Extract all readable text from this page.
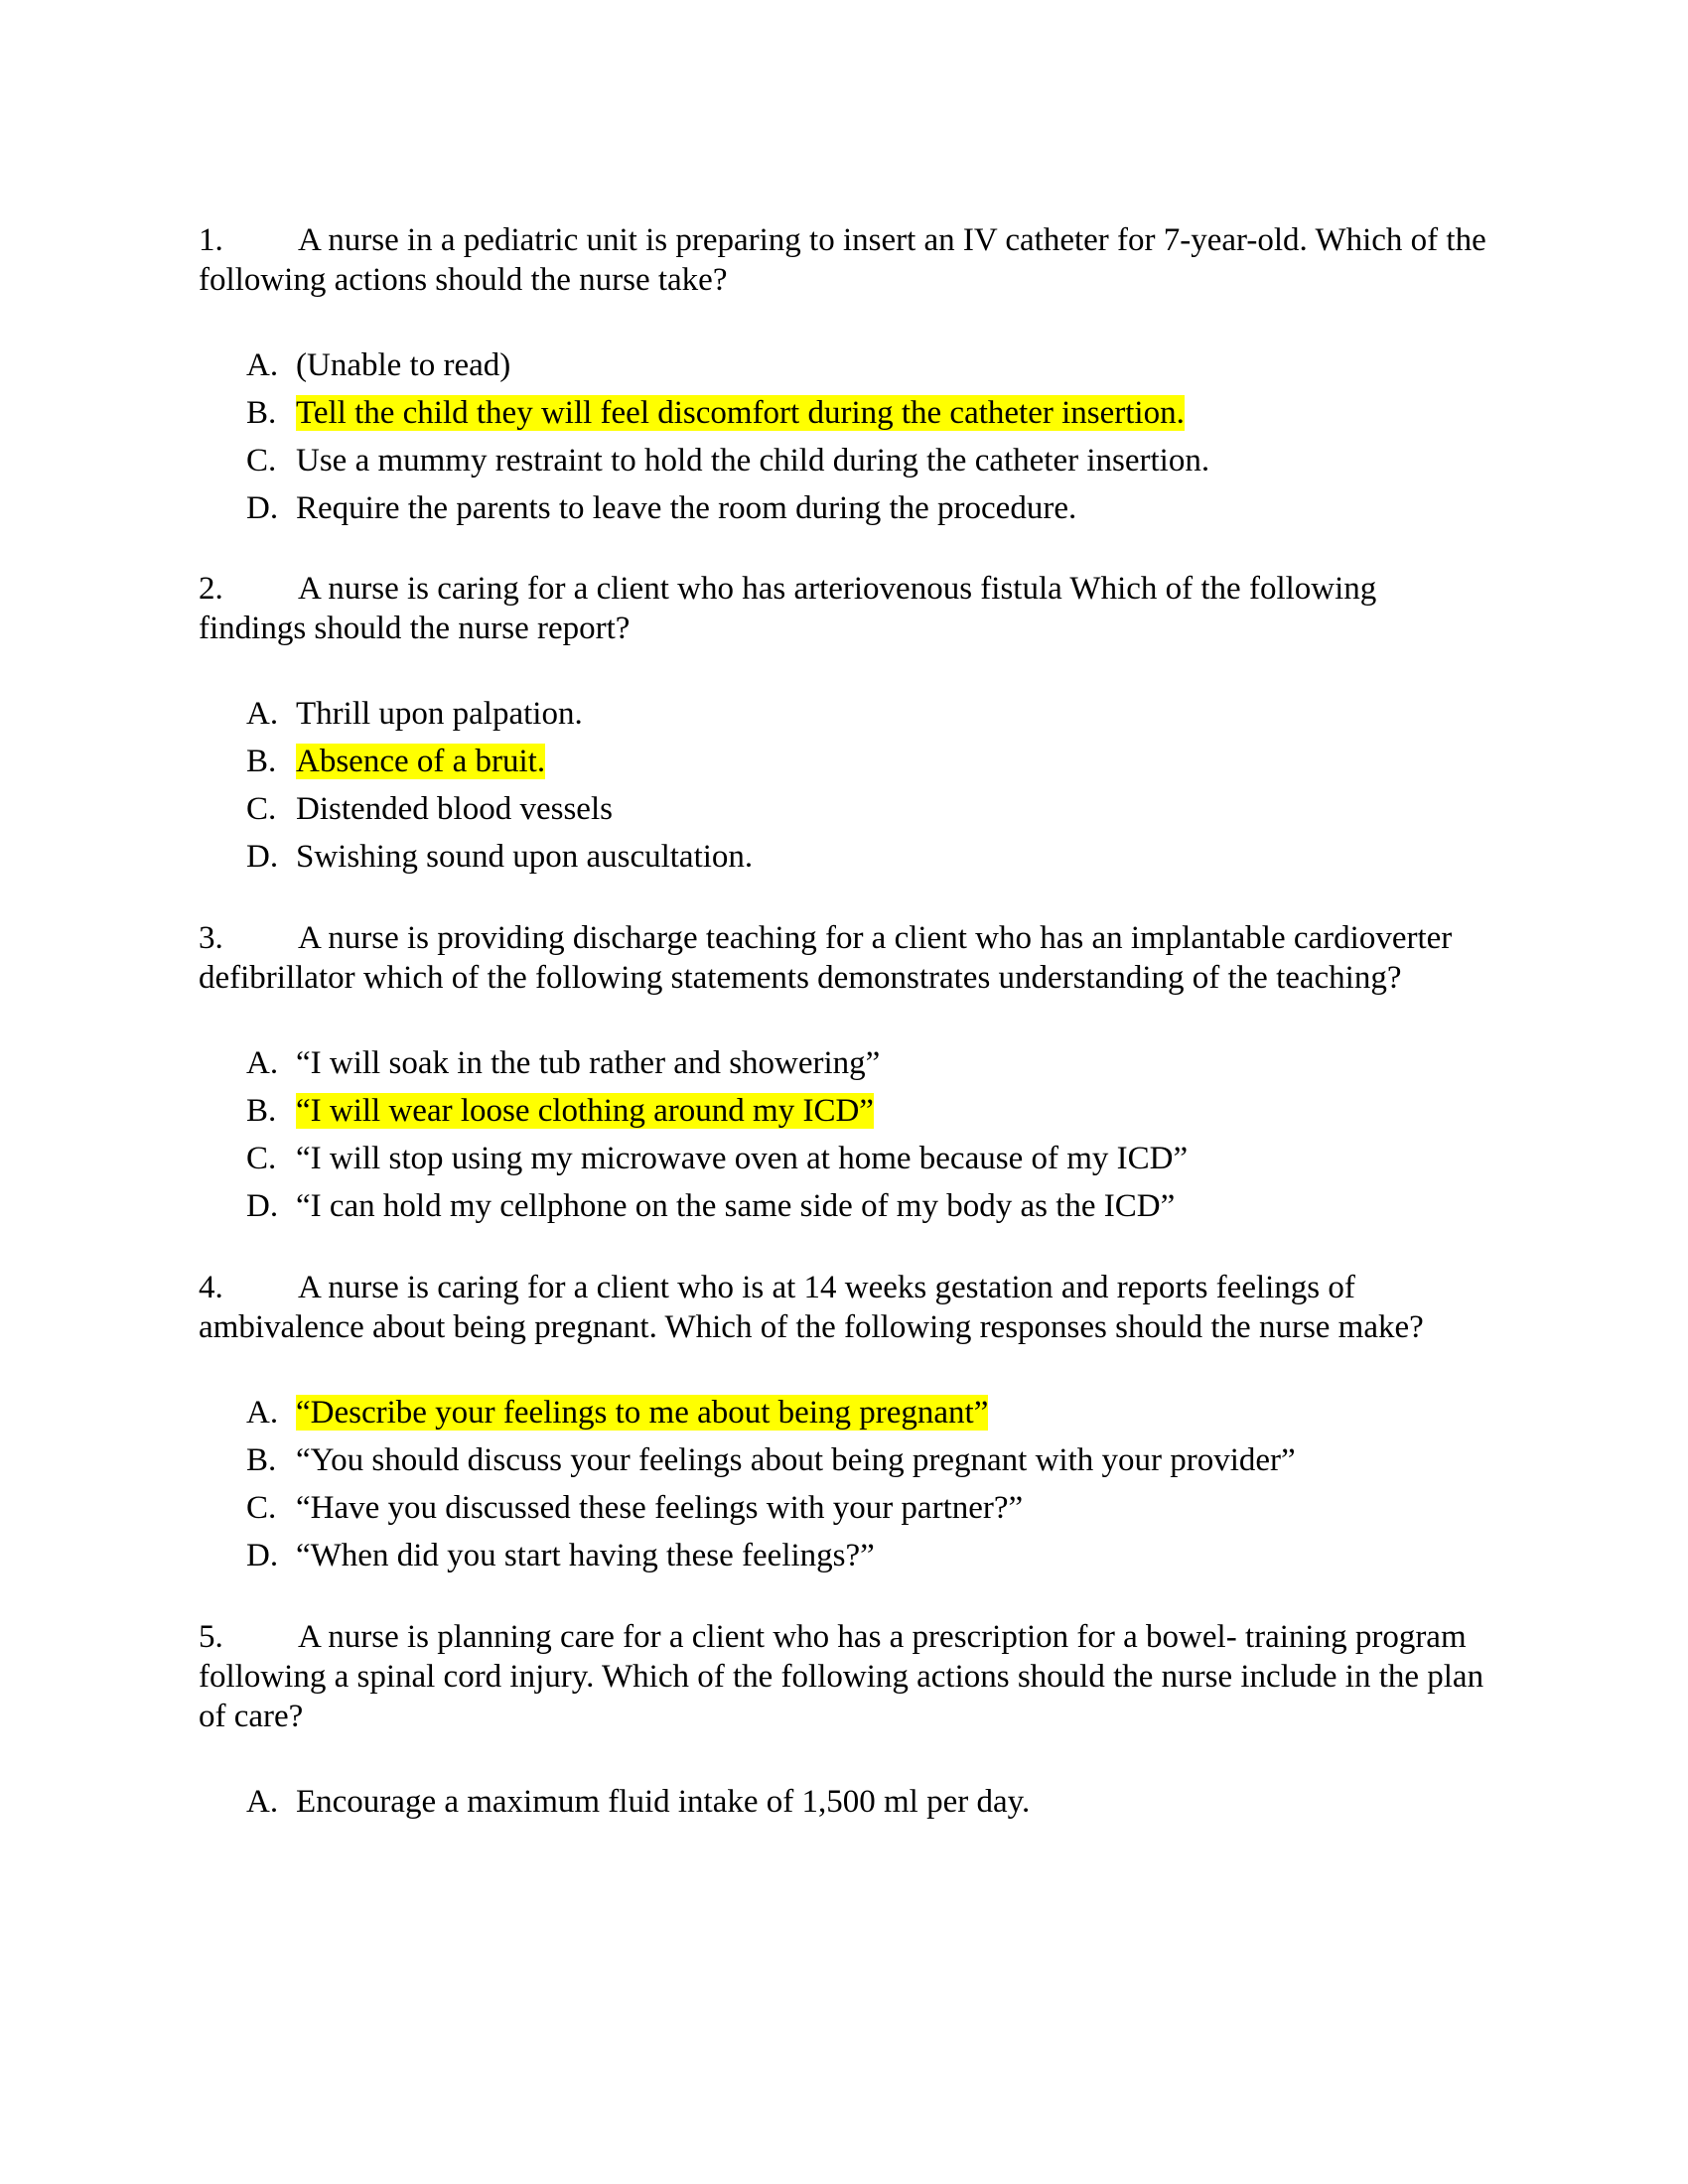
1. A nurse in a pediatric unit is preparing to insert an IV catheter for 7-year-old. Which of the following actions should the nurse take?

A. (Unable to read)
B. Tell the child they will feel discomfort during the catheter insertion.
C. Use a mummy restraint to hold the child during the catheter insertion.
D. Require the parents to leave the room during the procedure.

2. A nurse is caring for a client who has arteriovenous fistula Which of the following findings should the nurse report?

A. Thrill upon palpation.
B. Absence of a bruit.
C. Distended blood vessels
D. Swishing sound upon auscultation.

3. A nurse is providing discharge teaching for a client who has an implantable cardioverter defibrillator which of the following statements demonstrates understanding of the teaching?

A. “I will soak in the tub rather and showering”
B. “I will wear loose clothing around my ICD”
C. “I will stop using my microwave oven at home because of my ICD”
D. “I can hold my cellphone on the same side of my body as the ICD”

4. A nurse is caring for a client who is at 14 weeks gestation and reports feelings of ambivalence about being pregnant. Which of the following responses should the nurse make?

A. “Describe your feelings to me about being pregnant”
B. “You should discuss your feelings about being pregnant with your provider”
C. “Have you discussed these feelings with your partner?”
D. “When did you start having these feelings?”

5. A nurse is planning care for a client who has a prescription for a bowel- training program following a spinal cord injury. Which of the following actions should the nurse include in the plan of care?

A. Encourage a maximum fluid intake of 1,500 ml per day.
